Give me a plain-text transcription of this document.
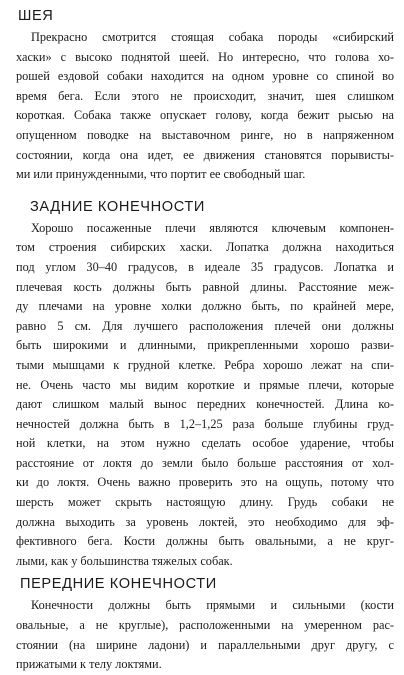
ШЕЯ

Прекрасно смотрится стоящая собака породы «сибирский
хаски» с высоко поднятой шеей. Но интересно, что голова хо-
рошей ездовой собаки находится на одном уровне со спиной во
время бега. Если этого не происходит, значит, шея слишком
короткая. Собака также опускает голову, когда бежит рысью на
опущенном поводке на выставочном ринге, но в напряженном
состоянии, когда она идет, ее движения становятся порывисты-
ми или принужденными, что портит ее свободный шаг.

ЗАДНИЕ КОНЕЧНОСТИ

Хорошо посаженные плечи являются ключевым компонен-
том строения сибирских хаски. Лопатка должна находиться
под углом 30–40 градусов, в идеале 35 градусов. Лопатка и
плечевая кость должны быть равной длины. Расстояние меж-
ду плечами на уровне холки должно быть, по крайней мере,
равно 5 см. Для лучшего расположения плечей они должны
быть широкими и длинными, прикрепленными хорошо разви-
тыми мышцами к грудной клетке. Ребра хорошо лежат на спи-
не. Очень часто мы видим короткие и прямые плечи, которые
дают слишком малый вынос передних конечностей. Длина ко-
нечностей должна быть в 1,2–1,25 раза больше глубины груд-
ной клетки, на этом нужно сделать особое ударение, чтобы
расстояние от локтя до земли было больше расстояния от хол-
ки до локтя. Очень важно проверить это на ощупь, потому что
шерсть может скрыть настоящую длину. Грудь собаки не
должна выходить за уровень локтей, это необходимо для эф-
фективного бега. Кости должны быть овальными, а не круг-
лыми, как у большинства тяжелых собак.

ПЕРЕДНИЕ КОНЕЧНОСТИ

Конечности должны быть прямыми и сильными (кости
овальные, а не круглые), расположенными на умеренном рас-
стоянии (на ширине ладони) и параллельными друг другу, с
прижатыми к телу локтями.
